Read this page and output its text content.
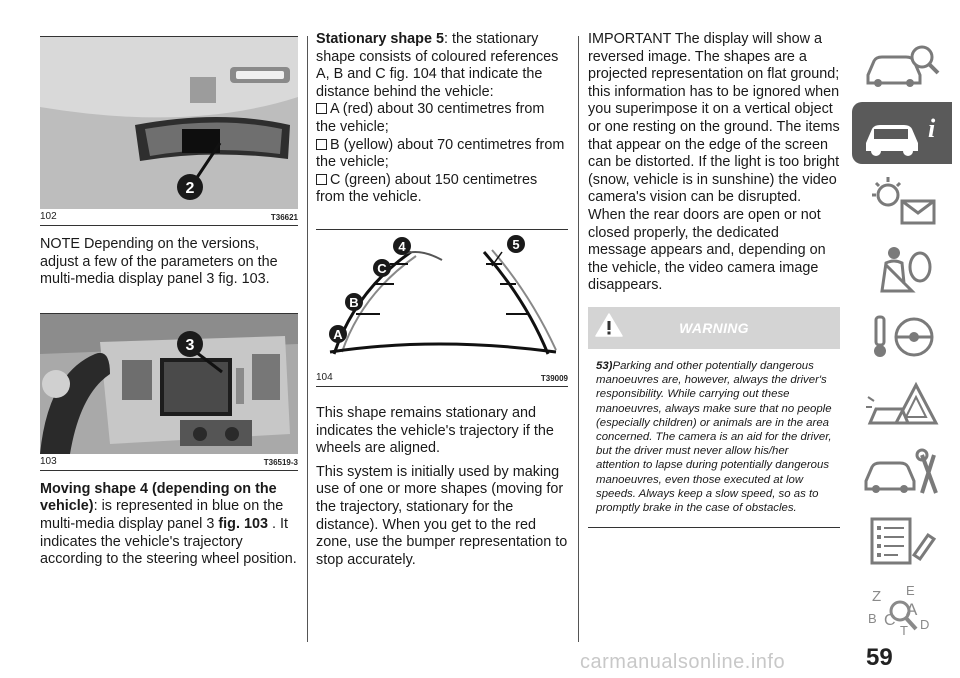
2
102	T36621

NOTE Depending on the versions, adjust a few of the parameters on the multi-media display panel 3 fig. 103.

3
103	T36519-3

Moving shape 4 (depending on the vehicle): is represented in blue on the multi-media display panel 3 fig. 103 . It indicates the vehicle's trajectory according to the steering wheel position.

Stationary shape 5: the stationary shape consists of coloured references A, B and C fig. 104 that indicate the distance behind the vehicle:

A (red) about 30 centimetres from the vehicle;
B (yellow) about 70 centimetres from the vehicle;
C (green) about 150 centimetres from the vehicle.
4	5
C
B
A
104	T39009

This shape remains stationary and indicates the vehicle's trajectory if the wheels are aligned.

This system is initially used by making use of one or more shapes (moving for the trajectory, stationary for the distance). When you get to the red zone, use the bumper representation to stop accurately.

IMPORTANT The display will show a reversed image. The shapes are a projected representation on flat ground; this information has to be ignored when you superimpose it on a vertical object or one resting on the ground. The items that appear on the edge of the screen can be distorted. If the light is too bright (snow, vehicle is in sunshine) the video camera's vision can be disrupted. When the rear doors are open or not closed properly, the dedicated message appears and, depending on the vehicle, the video camera image disappears.

WARNING
53)Parking and other potentially dangerous manoeuvres are, however, always the driver's responsibility. While carrying out these manoeuvres, always make sure that no people (especially children) or animals are in the area concerned. The camera is an aid for the driver, but the driver must never allow his/her attention to lapse during potentially dangerous manoeuvres, even those executed at low speeds. Always keep a slow speed, so as to promptly brake in the case of obstacles.
i
Z E
B A
C
T D
59
carmanualsonline.info
